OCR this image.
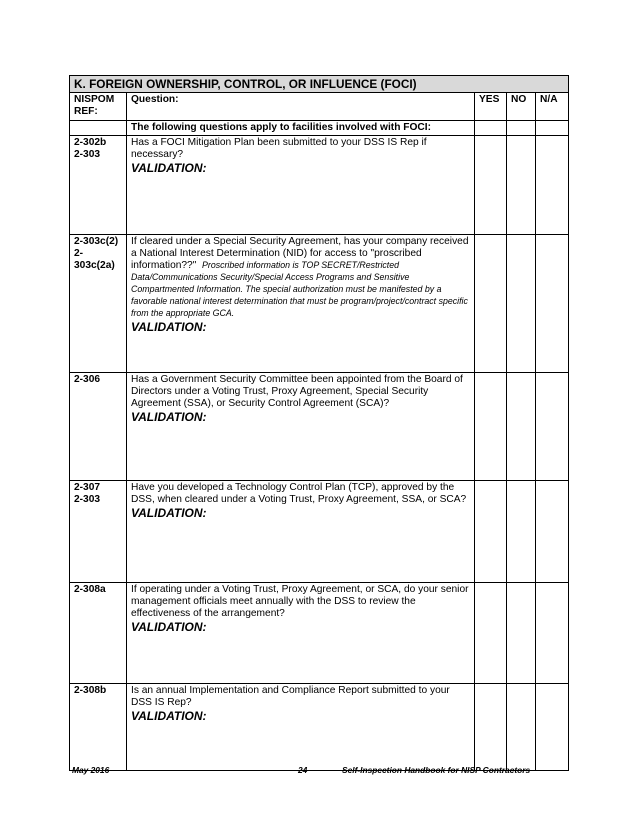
K. FOREIGN OWNERSHIP, CONTROL, OR INFLUENCE (FOCI)				
NISPOM REF:	Question:	YES	NO	N/A
	The following questions apply to facilities involved with FOCI:			
2-302b
2-303	Has a FOCI Mitigation Plan been submitted to your DSS IS Rep if necessary?
VALIDATION:			

2-303c(2)
2-303c(2a)	If cleared under a Special Security Agreement, has your company received a National Interest Determination (NID) for access to "proscribed information??" Proscribed information is TOP SECRET/Restricted Data/Communications Security/Special Access Programs and Sensitive Compartmented Information. The special authorization must be manifested by a favorable national interest determination that must be program/project/contract specific from the appropriate GCA.
VALIDATION:			

2-306	Has a Government Security Committee been appointed from the Board of Directors under a Voting Trust, Proxy Agreement, Special Security Agreement (SSA), or Security Control Agreement (SCA)?
VALIDATION:			

2-307
2-303	Have you developed a Technology Control Plan (TCP), approved by the DSS, when cleared under a Voting Trust, Proxy Agreement, SSA, or SCA?
VALIDATION:			

2-308a	If operating under a Voting Trust, Proxy Agreement, or SCA, do your senior management officials meet annually with the DSS to review the effectiveness of the arrangement?
VALIDATION:			

2-308b	Is an annual Implementation and Compliance Report submitted to your DSS IS Rep?
VALIDATION:			

May 2016	24	Self-Inspection Handbook for NISP Contractors
